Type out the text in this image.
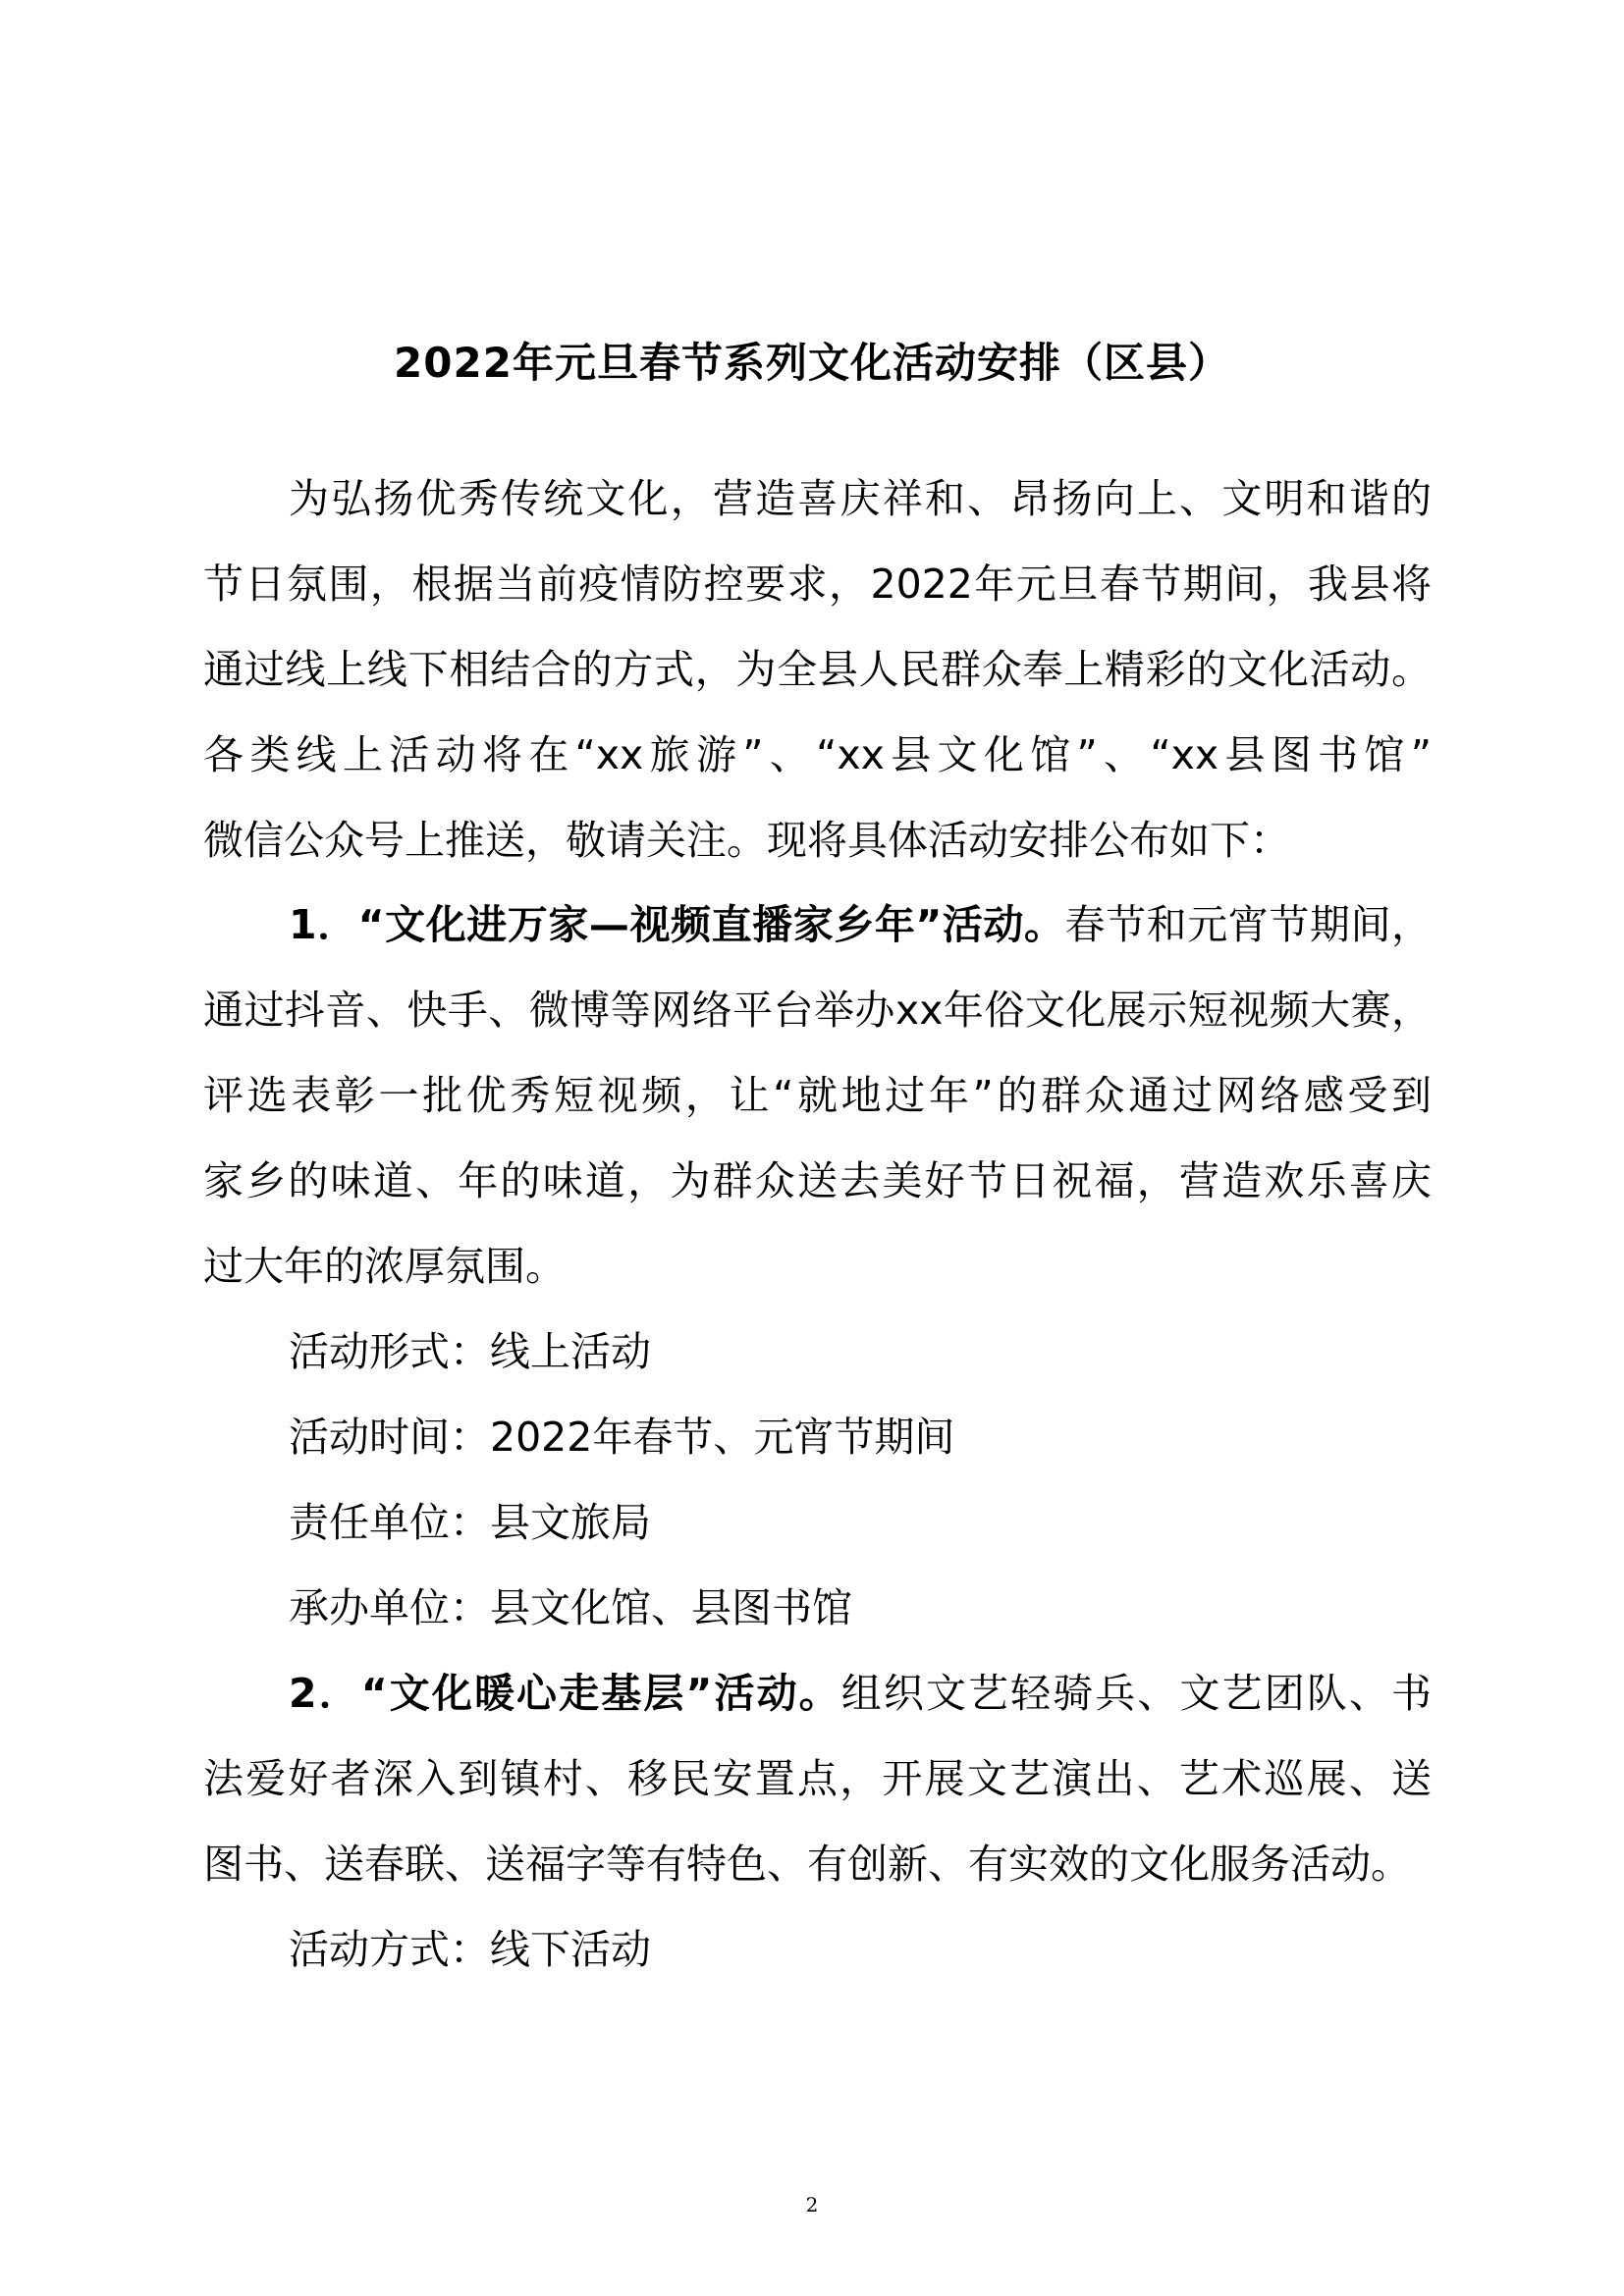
2022年元旦春节系列文化活动安排（区县）
为弘扬优秀传统文化，营造喜庆祥和、昂扬向上、文明和谐的
节日氛围，根据当前疫情防控要求，2022年元旦春节期间，我县将
通过线上线下相结合的方式，为全县人民群众奉上精彩的文化活动。
各类线上活动将在“xx旅游”、“xx县文化馆”、“xx县图书馆”
微信公众号上推送，敬请关注。现将具体活动安排公布如下：
1．“文化进万家—视频直播家乡年”活动。春节和元宵节期间，
通过抖音、快手、微博等网络平台举办xx年俗文化展示短视频大赛，
评选表彰一批优秀短视频，让“就地过年”的群众通过网络感受到
家乡的味道、年的味道，为群众送去美好节日祝福，营造欢乐喜庆
过大年的浓厚氛围。
活动形式：线上活动
活动时间：2022年春节、元宵节期间
责任单位：县文旅局
承办单位：县文化馆、县图书馆
2．“文化暖心走基层”活动。组织文艺轻骑兵、文艺团队、书
法爱好者深入到镇村、移民安置点，开展文艺演出、艺术巡展、送
图书、送春联、送福字等有特色、有创新、有实效的文化服务活动。
活动方式：线下活动
2
